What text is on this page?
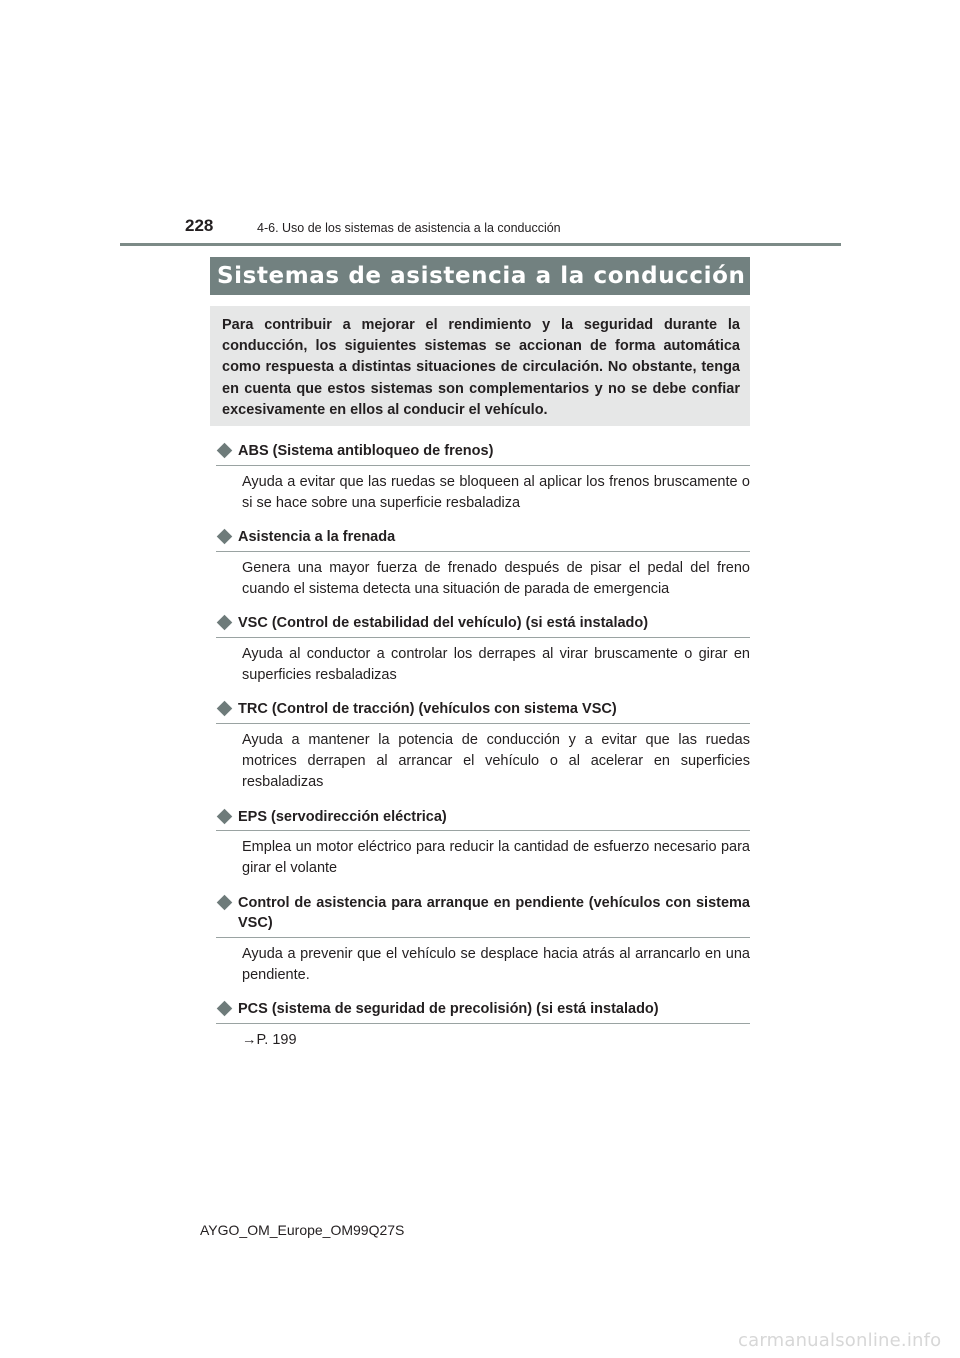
228	4-6. Uso de los sistemas de asistencia a la conducción
Sistemas de asistencia a la conducción

Para contribuir a mejorar el rendimiento y la seguridad durante la conducción, los siguientes sistemas se accionan de forma automática como respuesta a distintas situaciones de circulación. No obstante, tenga en cuenta que estos sistemas son complementarios y no se debe confiar excesivamente en ellos al conducir el vehículo.

ABS (Sistema antibloqueo de frenos)
Ayuda a evitar que las ruedas se bloqueen al aplicar los frenos bruscamente o si se hace sobre una superficie resbaladiza
Asistencia a la frenada
Genera una mayor fuerza de frenado después de pisar el pedal del freno cuando el sistema detecta una situación de parada de emergencia
VSC (Control de estabilidad del vehículo) (si está instalado)
Ayuda al conductor a controlar los derrapes al virar bruscamente o girar en superficies resbaladizas
TRC (Control de tracción) (vehículos con sistema VSC)
Ayuda a mantener la potencia de conducción y a evitar que las ruedas motrices derrapen al arrancar el vehículo o al acelerar en superficies resbaladizas
EPS (servodirección eléctrica)
Emplea un motor eléctrico para reducir la cantidad de esfuerzo necesario para girar el volante
Control de asistencia para arranque en pendiente (vehículos con sistema VSC)
Ayuda a prevenir que el vehículo se desplace hacia atrás al arrancarlo en una pendiente.
PCS (sistema de seguridad de precolisión) (si está instalado)
→P. 199
AYGO_OM_Europe_OM99Q27S
carmanualsonline.info
